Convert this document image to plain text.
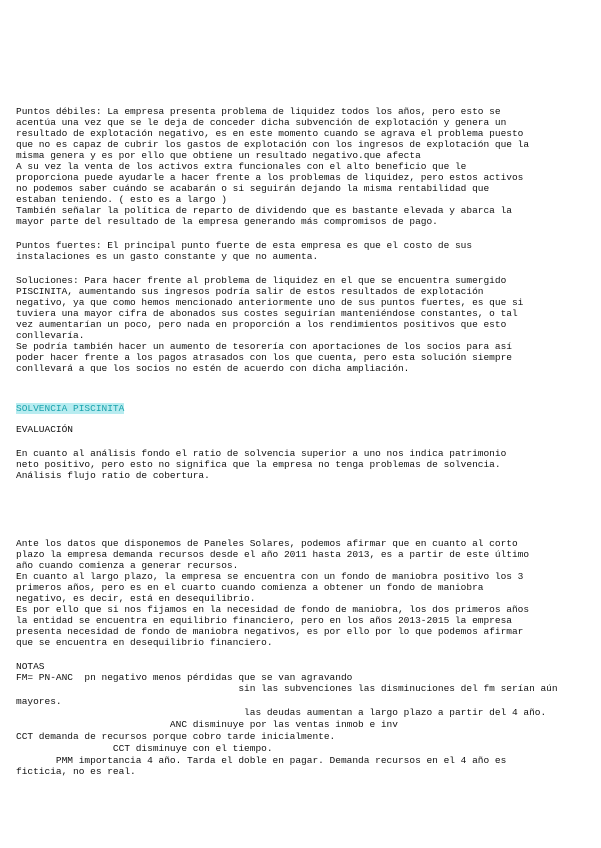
Puntos débiles: La empresa presenta problema de liquidez todos los años, pero esto se
acentúa una vez que se le deja de conceder dicha subvención de explotación y genera un
resultado de explotación negativo, es en este momento cuando se agrava el problema puesto
que no es capaz de cubrir los gastos de explotación con los ingresos de explotación que la
misma genera y es por ello que obtiene un resultado negativo.que afecta
A su vez la venta de los activos extra funcionales con el alto beneficio que le
proporciona puede ayudarle a hacer frente a los problemas de liquidez, pero estos activos
no podemos saber cuándo se acabarán o si seguirán dejando la misma rentabilidad que
estaban teniendo. ( esto es a largo )
También señalar la política de reparto de dividendo que es bastante elevada y abarca la
mayor parte del resultado de la empresa generando más compromisos de pago.
Puntos fuertes: El principal punto fuerte de esta empresa es que el costo de sus
instalaciones es un gasto constante y que no aumenta.
Soluciones: Para hacer frente al problema de liquidez en el que se encuentra sumergido
PISCINITA, aumentando sus ingresos podría salir de estos resultados de explotación
negativo, ya que como hemos mencionado anteriormente uno de sus puntos fuertes, es que si
tuviera una mayor cifra de abonados sus costes seguirían manteniéndose constantes, o tal
vez aumentarían un poco, pero nada en proporción a los rendimientos positivos que esto
conllevaría.
Se podría también hacer un aumento de tesorería con aportaciones de los socios para así
poder hacer frente a los pagos atrasados con los que cuenta, pero esta solución siempre
conllevará a que los socios no estén de acuerdo con dicha ampliación.
SOLVENCIA PISCINITA
EVALUACIÓN
En cuanto al análisis fondo el ratio de solvencia superior a uno nos indica patrimonio
neto positivo, pero esto no significa que la empresa no tenga problemas de solvencia.
Análisis flujo ratio de cobertura.
Ante los datos que disponemos de Paneles Solares, podemos afirmar que en cuanto al corto
plazo la empresa demanda recursos desde el año 2011 hasta 2013, es a partir de este último
año cuando comienza a generar recursos.
En cuanto al largo plazo, la empresa se encuentra con un fondo de maniobra positivo los 3
primeros años, pero es en el cuarto cuando comienza a obtener un fondo de maniobra
negativo, es decir, está en desequilibrio.
Es por ello que si nos fijamos en la necesidad de fondo de maniobra, los dos primeros años
la entidad se encuentra en equilibrio financiero, pero en los años 2013-2015 la empresa
presenta necesidad de fondo de maniobra negativos, es por ello por lo que podemos afirmar
que se encuentra en desequilibrio financiero.
NOTAS
FM= PN-ANC  pn negativo menos pérdidas que se van agravando
sin las subvenciones las disminuciones del fm serían aún
mayores.
las deudas aumentan a largo plazo a partir del 4 año.
ANC disminuye por las ventas inmob e inv
CCT demanda de recursos porque cobro tarde inicialmente.
CCT disminuye con el tiempo.
PMM importancia 4 año. Tarda el doble en pagar. Demanda recursos en el 4 año es
ficticia, no es real.
